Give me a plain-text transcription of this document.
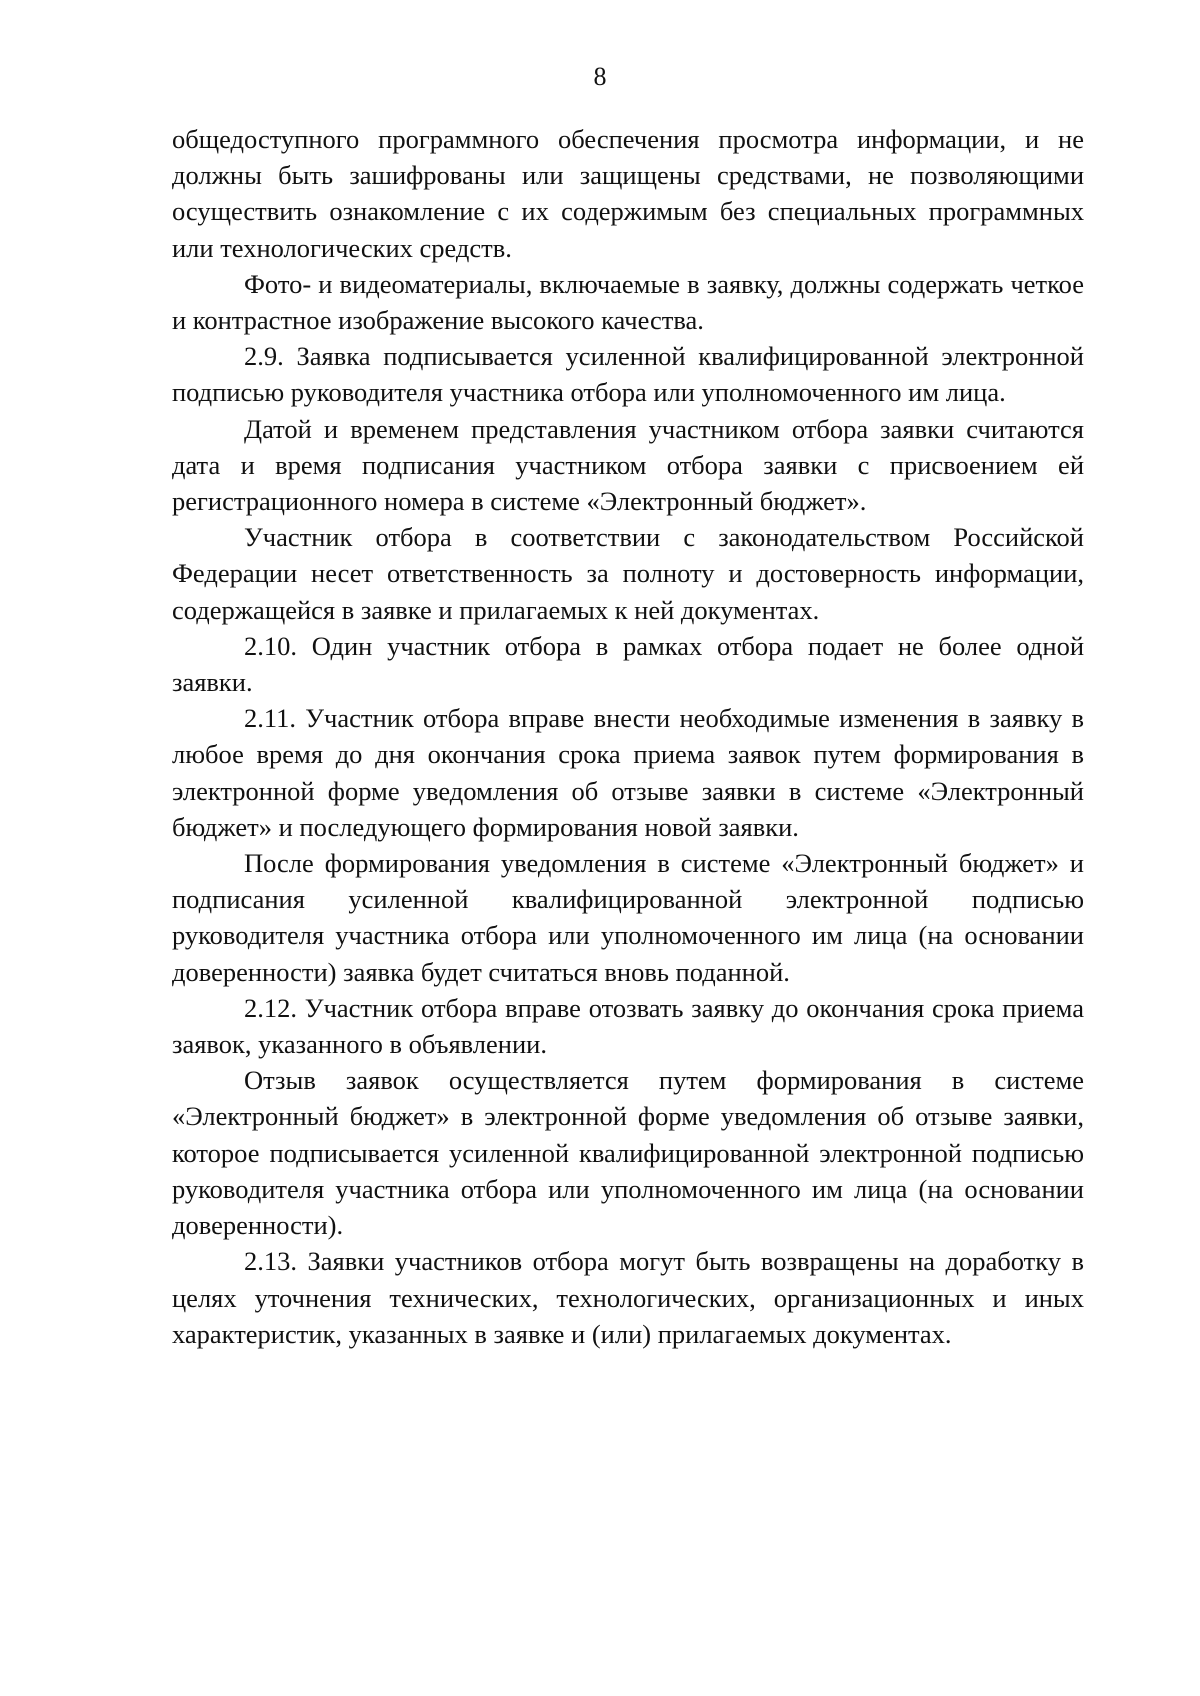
8

общедоступного программного обеспечения просмотра информации, и не должны быть зашифрованы или защищены средствами, не позволяющими осуществить ознакомление с их содержимым без специальных программных или технологических средств.

Фото- и видеоматериалы, включаемые в заявку, должны содержать четкое и контрастное изображение высокого качества.

2.9. Заявка подписывается усиленной квалифицированной электронной подписью руководителя участника отбора или уполномоченного им лица.

Датой и временем представления участником отбора заявки считаются дата и время подписания участником отбора заявки с присвоением ей регистрационного номера в системе «Электронный бюджет».

Участник отбора в соответствии с законодательством Российской Федерации несет ответственность за полноту и достоверность информации, содержащейся в заявке и прилагаемых к ней документах.

2.10. Один участник отбора в рамках отбора подает не более одной заявки.

2.11. Участник отбора вправе внести необходимые изменения в заявку в любое время до дня окончания срока приема заявок путем формирования в электронной форме уведомления об отзыве заявки в системе «Электронный бюджет» и последующего формирования новой заявки.

После формирования уведомления в системе «Электронный бюджет» и подписания усиленной квалифицированной электронной подписью руководителя участника отбора или уполномоченного им лица (на основании доверенности) заявка будет считаться вновь поданной.

2.12. Участник отбора вправе отозвать заявку до окончания срока приема заявок, указанного в объявлении.

Отзыв заявок осуществляется путем формирования в системе «Электронный бюджет» в электронной форме уведомления об отзыве заявки, которое подписывается усиленной квалифицированной электронной подписью руководителя участника отбора или уполномоченного им лица (на основании доверенности).

2.13. Заявки участников отбора могут быть возвращены на доработку в целях уточнения технических, технологических, организационных и иных характеристик, указанных в заявке и (или) прилагаемых документах.
